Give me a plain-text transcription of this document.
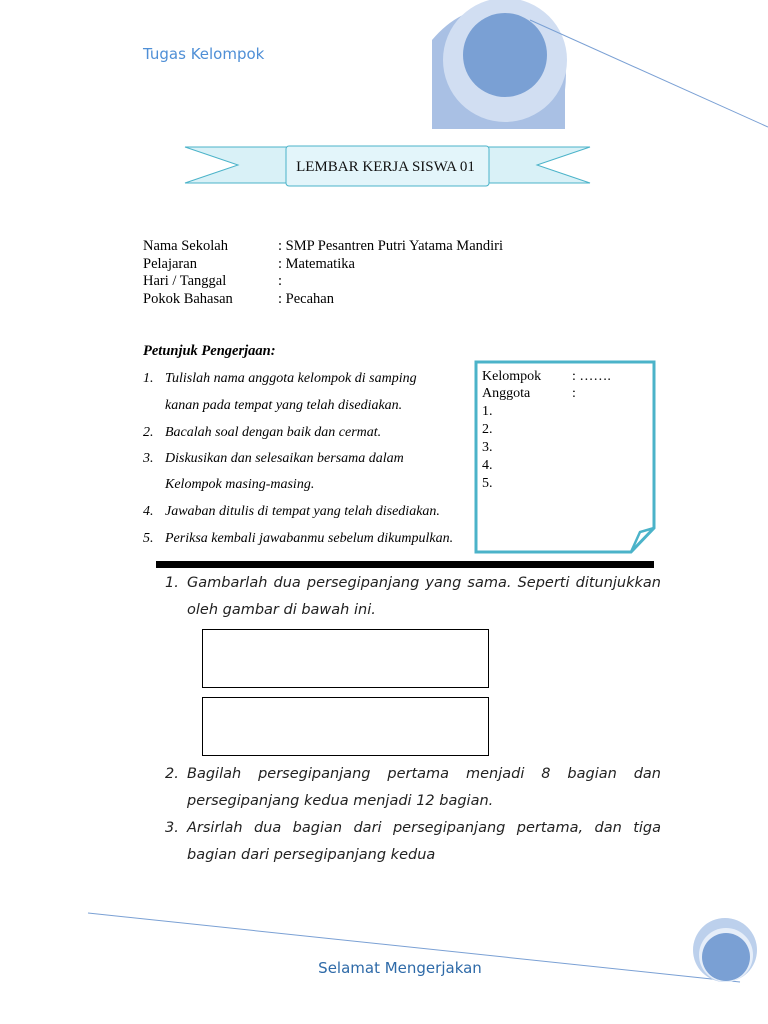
Tugas Kelompok
LEMBAR KERJA SISWA 01
Nama Sekolah	: SMP Pesantren Putri Yatama Mandiri
Pelajaran	: Matematika
Hari / Tanggal	:
Pokok Bahasan	: Pecahan
Petunjuk Pengerjaan:
1. Tulislah nama anggota kelompok di samping
kanan pada tempat yang telah disediakan.
2. Bacalah soal dengan baik dan cermat.
3. Diskusikan dan selesaikan bersama dalam
Kelompok masing-masing.
4. Jawaban ditulis di tempat yang telah disediakan.
5. Periksa kembali jawabanmu sebelum dikumpulkan.
Kelompok : …….
Anggota	:
1.
2.
3.
4.
5.
1. Gambarlah dua persegipanjang yang sama. Seperti ditunjukkan oleh gambar di bawah ini.
2. Bagilah persegipanjang pertama menjadi 8 bagian dan persegipanjang kedua menjadi 12 bagian.
3. Arsirlah dua bagian dari persegipanjang pertama, dan tiga bagian dari persegipanjang kedua
Selamat Mengerjakan
